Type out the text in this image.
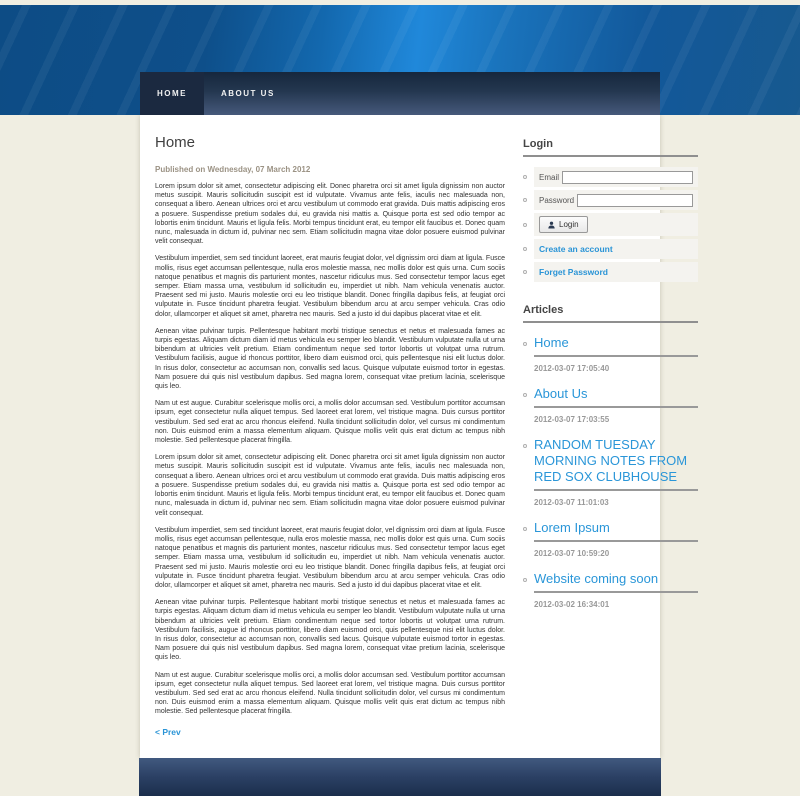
HOME	ABOUT US
Home
Published on Wednesday, 07 March 2012

Lorem ipsum dolor sit amet, consectetur adipiscing elit. Donec pharetra orci sit amet ligula dignissim non auctor metus suscipit. Mauris sollicitudin suscipit est id vulputate. Vivamus ante felis, iaculis nec malesuada non, consequat a libero. Aenean ultrices orci et arcu vestibulum ut commodo erat gravida. Duis mattis adipiscing eros a posuere. Suspendisse pretium sodales dui, eu gravida nisi mattis a. Quisque porta est sed odio tempor ac lobortis enim tincidunt. Mauris et ligula felis. Morbi tempus tincidunt erat, eu tempor elit faucibus et. Donec quam nunc, malesuada in dictum id, pulvinar nec sem. Etiam sollicitudin magna vitae dolor posuere euismod pulvinar velit consequat.

Vestibulum imperdiet, sem sed tincidunt laoreet, erat mauris feugiat dolor, vel dignissim orci diam at ligula. Fusce mollis, risus eget accumsan pellentesque, nulla eros molestie massa, nec mollis dolor est quis urna. Cum sociis natoque penatibus et magnis dis parturient montes, nascetur ridiculus mus. Sed consectetur tempor lacus eget semper. Etiam massa urna, vestibulum id sollicitudin eu, imperdiet ut nibh. Nam vehicula venenatis auctor. Praesent sed mi justo. Mauris molestie orci eu leo tristique blandit. Donec fringilla dapibus felis, at feugiat orci vulputate in. Fusce tincidunt pharetra feugiat. Vestibulum bibendum arcu at arcu semper vehicula. Cras odio dolor, ullamcorper et aliquet sit amet, pharetra nec mauris. Sed a justo id dui dapibus placerat vitae et elit.

Aenean vitae pulvinar turpis. Pellentesque habitant morbi tristique senectus et netus et malesuada fames ac turpis egestas. Aliquam dictum diam id metus vehicula eu semper leo blandit. Vestibulum vulputate nulla ut urna bibendum at ultricies velit pretium. Etiam condimentum neque sed tortor lobortis ut volutpat urna rutrum. Vestibulum facilisis, augue id rhoncus porttitor, libero diam euismod orci, quis pellentesque nisi elit luctus dolor. In risus dolor, consectetur ac accumsan non, convallis sed lacus. Quisque vulputate euismod tortor in egestas. Nam posuere dui quis nisl vestibulum dapibus. Sed magna lorem, consequat vitae pretium lacinia, scelerisque quis leo.

Nam ut est augue. Curabitur scelerisque mollis orci, a mollis dolor accumsan sed. Vestibulum porttitor accumsan ipsum, eget consectetur nulla aliquet tempus. Sed laoreet erat lorem, vel tristique magna. Duis cursus porttitor vestibulum. Sed sed erat ac arcu rhoncus eleifend. Nulla tincidunt sollicitudin dolor, vel cursus mi condimentum non. Duis euismod enim a massa elementum aliquam. Quisque mollis velit quis erat dictum ac tempus nibh molestie. Sed pellentesque placerat fringilla.

Lorem ipsum dolor sit amet, consectetur adipiscing elit. Donec pharetra orci sit amet ligula dignissim non auctor metus suscipit. Mauris sollicitudin suscipit est id vulputate. Vivamus ante felis, iaculis nec malesuada non, consequat a libero. Aenean ultrices orci et arcu vestibulum ut commodo erat gravida. Duis mattis adipiscing eros a posuere. Suspendisse pretium sodales dui, eu gravida nisi mattis a. Quisque porta est sed odio tempor ac lobortis enim tincidunt. Mauris et ligula felis. Morbi tempus tincidunt erat, eu tempor elit faucibus et. Donec quam nunc, malesuada in dictum id, pulvinar nec sem. Etiam sollicitudin magna vitae dolor posuere euismod pulvinar velit consequat.

Vestibulum imperdiet, sem sed tincidunt laoreet, erat mauris feugiat dolor, vel dignissim orci diam at ligula. Fusce mollis, risus eget accumsan pellentesque, nulla eros molestie massa, nec mollis dolor est quis urna. Cum sociis natoque penatibus et magnis dis parturient montes, nascetur ridiculus mus. Sed consectetur tempor lacus eget semper. Etiam massa urna, vestibulum id sollicitudin eu, imperdiet ut nibh. Nam vehicula venenatis auctor. Praesent sed mi justo. Mauris molestie orci eu leo tristique blandit. Donec fringilla dapibus felis, at feugiat orci vulputate in. Fusce tincidunt pharetra feugiat. Vestibulum bibendum arcu at arcu semper vehicula. Cras odio dolor, ullamcorper et aliquet sit amet, pharetra nec mauris. Sed a justo id dui dapibus placerat vitae et elit.

Aenean vitae pulvinar turpis. Pellentesque habitant morbi tristique senectus et netus et malesuada fames ac turpis egestas. Aliquam dictum diam id metus vehicula eu semper leo blandit. Vestibulum vulputate nulla ut urna bibendum at ultricies velit pretium. Etiam condimentum neque sed tortor lobortis ut volutpat urna rutrum. Vestibulum facilisis, augue id rhoncus porttitor, libero diam euismod orci, quis pellentesque nisi elit luctus dolor. In risus dolor, consectetur ac accumsan non, convallis sed lacus. Quisque vulputate euismod tortor in egestas. Nam posuere dui quis nisl vestibulum dapibus. Sed magna lorem, consequat vitae pretium lacinia, scelerisque quis leo.

Nam ut est augue. Curabitur scelerisque mollis orci, a mollis dolor accumsan sed. Vestibulum porttitor accumsan ipsum, eget consectetur nulla aliquet tempus. Sed laoreet erat lorem, vel tristique magna. Duis cursus porttitor vestibulum. Sed sed erat ac arcu rhoncus eleifend. Nulla tincidunt sollicitudin dolor, vel cursus mi condimentum non. Duis euismod enim a massa elementum aliquam. Quisque mollis velit quis erat dictum ac tempus nibh molestie. Sed pellentesque placerat fringilla.

< Prev
Login
Email
Password
Login
Create an account
Forget Password
Articles
Home
2012-03-07 17:05:40
About Us
2012-03-07 17:03:55
RANDOM TUESDAY MORNING NOTES FROM RED SOX CLUBHOUSE
2012-03-07 11:01:03
Lorem Ipsum
2012-03-07 10:59:20
Website coming soon
2012-03-02 16:34:01
